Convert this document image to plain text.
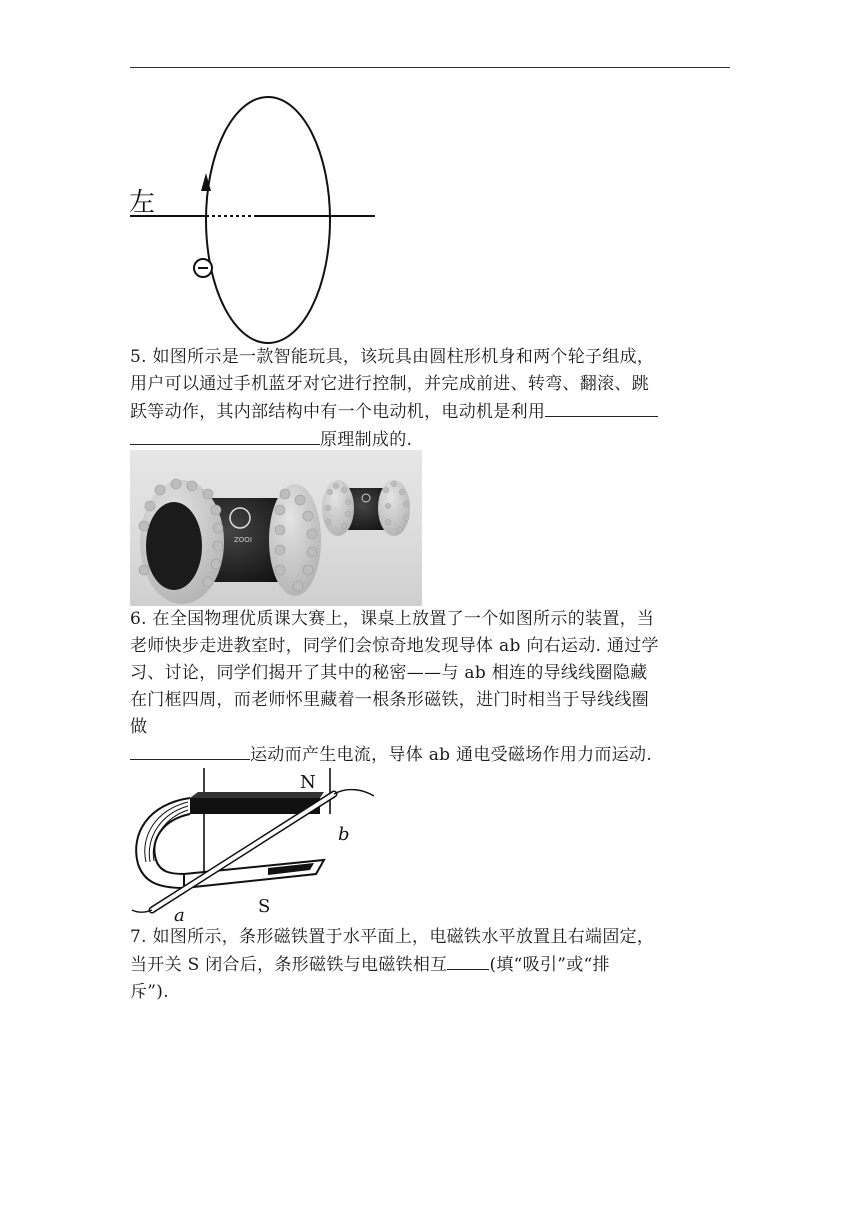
左
5. 如图所示是一款智能玩具，该玩具由圆柱形机身和两个轮子组成，
用户可以通过手机蓝牙对它进行控制，并完成前进、转弯、翻滚、跳
跃等动作，其内部结构中有一个电动机，电动机是利用
原理制成的.
ZOOI
6. 在全国物理优质课大赛上，课桌上放置了一个如图所示的装置，当
老师快步走进教室时，同学们会惊奇地发现导体 ab 向右运动. 通过学
习、讨论，同学们揭开了其中的秘密——与 ab 相连的导线线圈隐藏
在门框四周，而老师怀里藏着一根条形磁铁，进门时相当于导线线圈
做
运动而产生电流，导体 ab 通电受磁场作用力而运动.
N
S
a
b
7. 如图所示，条形磁铁置于水平面上，电磁铁水平放置且右端固定，
当开关 S 闭合后，条形磁铁与电磁铁相互 (填“吸引”或“排
斥”).
